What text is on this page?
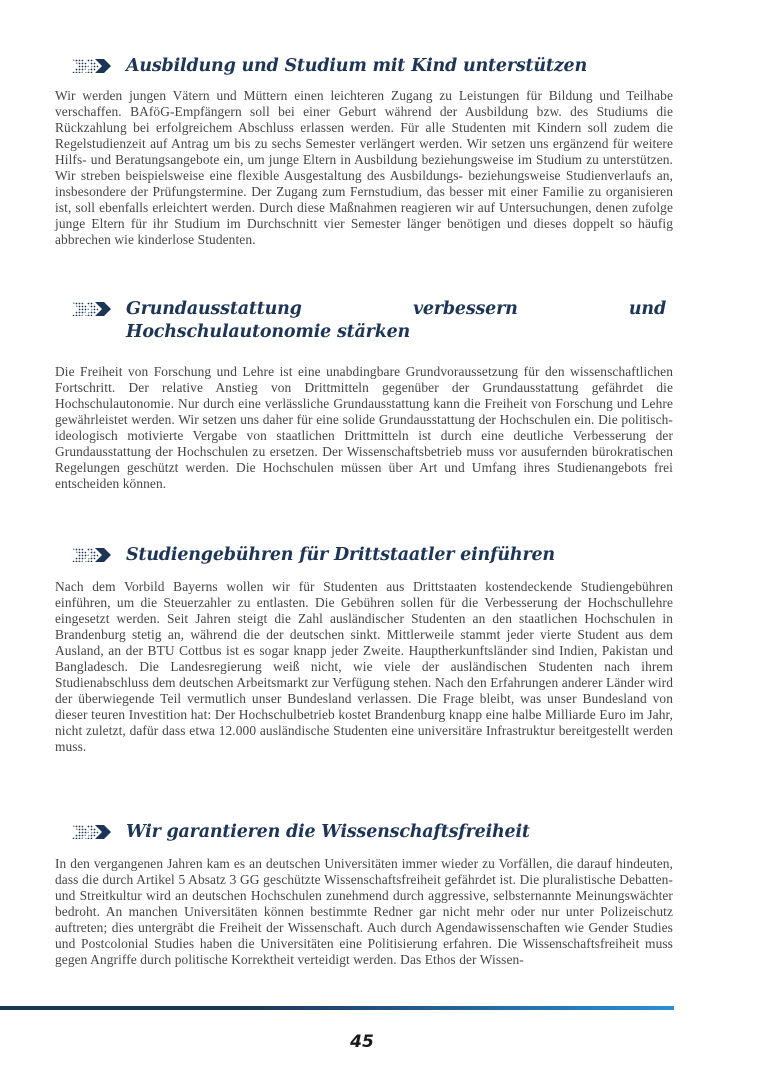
Ausbildung und Studium mit Kind unterstützen

Wir werden jungen Vätern und Müttern einen leichteren Zugang zu Leistungen für Bildung und Teilhabe verschaffen. BAföG-Empfängern soll bei einer Geburt während der Ausbildung bzw. des Studiums die Rückzahlung bei erfolgreichem Abschluss erlassen werden. Für alle Studenten mit Kindern soll zudem die Regelstudienzeit auf Antrag um bis zu sechs Semester verlängert werden. Wir setzen uns ergänzend für weitere Hilfs- und Beratungsangebote ein, um junge Eltern in Ausbildung beziehungsweise im Studium zu unterstützen. Wir streben beispielsweise eine flexible Ausgestaltung des Ausbildungs- beziehungsweise Studienverlaufs an, insbesondere der Prüfungstermine. Der Zugang zum Fernstudium, das besser mit einer Familie zu organisieren ist, soll ebenfalls erleichtert werden. Durch diese Maßnahmen reagieren wir auf Untersuchungen, denen zufolge junge Eltern für ihr Studium im Durchschnitt vier Semester länger benötigen und dieses doppelt so häufig abbrechen wie kinderlose Studenten.

Grundausstattung verbessern und Hochschulautonomie stärken

Die Freiheit von Forschung und Lehre ist eine unabdingbare Grundvoraussetzung für den wissenschaftlichen Fortschritt. Der relative Anstieg von Drittmitteln gegenüber der Grundausstattung gefährdet die Hochschulautonomie. Nur durch eine verlässliche Grundausstattung kann die Freiheit von Forschung und Lehre gewährleistet werden. Wir setzen uns daher für eine solide Grundausstattung der Hochschulen ein. Die politisch-ideologisch motivierte Vergabe von staatlichen Drittmitteln ist durch eine deutliche Verbesserung der Grundausstattung der Hochschulen zu ersetzen. Der Wissenschaftsbetrieb muss vor ausufernden bürokratischen Regelungen geschützt werden. Die Hochschulen müssen über Art und Umfang ihres Studienangebots frei entscheiden können.

Studiengebühren für Drittstaatler einführen

Nach dem Vorbild Bayerns wollen wir für Studenten aus Drittstaaten kostendeckende Studiengebühren einführen, um die Steuerzahler zu entlasten. Die Gebühren sollen für die Verbesserung der Hochschullehre eingesetzt werden. Seit Jahren steigt die Zahl ausländischer Studenten an den staatlichen Hochschulen in Brandenburg stetig an, während die der deutschen sinkt. Mittlerweile stammt jeder vierte Student aus dem Ausland, an der BTU Cottbus ist es sogar knapp jeder Zweite. Hauptherkunftsländer sind Indien, Pakistan und Bangladesch. Die Landesregierung weiß nicht, wie viele der ausländischen Studenten nach ihrem Studienabschluss dem deutschen Arbeitsmarkt zur Verfügung stehen. Nach den Erfahrungen anderer Länder wird der überwiegende Teil vermutlich unser Bundesland verlassen. Die Frage bleibt, was unser Bundesland von dieser teuren Investition hat: Der Hochschulbetrieb kostet Brandenburg knapp eine halbe Milliarde Euro im Jahr, nicht zuletzt, dafür dass etwa 12.000 ausländische Studenten eine universitäre Infrastruktur bereitgestellt werden muss.

Wir garantieren die Wissenschaftsfreiheit

In den vergangenen Jahren kam es an deutschen Universitäten immer wieder zu Vorfällen, die darauf hindeuten, dass die durch Artikel 5 Absatz 3 GG geschützte Wissenschaftsfreiheit gefährdet ist. Die pluralistische Debatten- und Streitkultur wird an deutschen Hochschulen zunehmend durch aggressive, selbsternannte Meinungswächter bedroht. An manchen Universitäten können bestimmte Redner gar nicht mehr oder nur unter Polizeischutz auftreten; dies untergräbt die Freiheit der Wissenschaft. Auch durch Agendawissenschaften wie Gender Studies und Postcolonial Studies haben die Universitäten eine Politisierung erfahren. Die Wissenschaftsfreiheit muss gegen Angriffe durch politische Korrektheit verteidigt werden. Das Ethos der Wissen-

45
